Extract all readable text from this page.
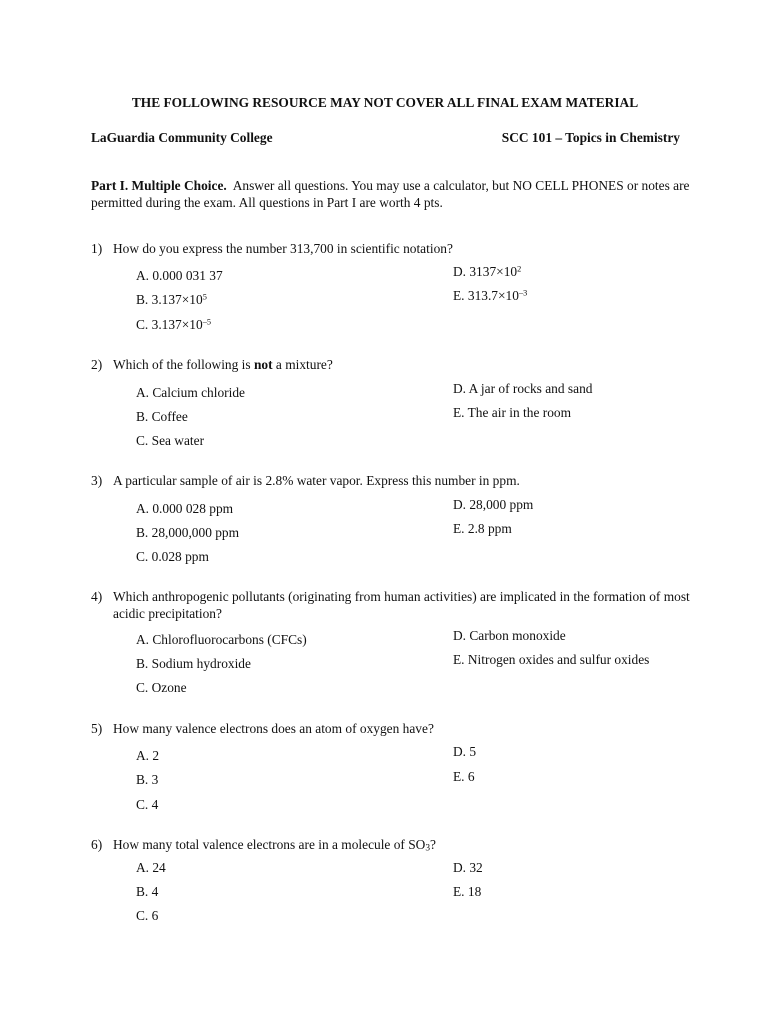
THE FOLLOWING RESOURCE MAY NOT COVER ALL FINAL EXAM MATERIAL
LaGuardia Community College	SCC 101 – Topics in Chemistry
Part I. Multiple Choice. Answer all questions. You may use a calculator, but NO CELL PHONES or notes are permitted during the exam. All questions in Part I are worth 4 pts.
1) How do you express the number 313,700 in scientific notation?
A. 0.000 031 37
B. $3.137\times 10^5$
C. $3.137\times 10^{-5}$
D. $3137\times 10^2$
E. $313.7\times 10^{-3}$
2) Which of the following is not a mixture?
A. Calcium chloride
B. Coffee
C. Sea water
D. A jar of rocks and sand
E. The air in the room
3) A particular sample of air is 2.8% water vapor. Express this number in ppm.
A. 0.000 028 ppm
B. 28,000,000 ppm
C. 0.028 ppm
D. 28,000 ppm
E. 2.8 ppm
4) Which anthropogenic pollutants (originating from human activities) are implicated in the formation of most acidic precipitation?
A. Chlorofluorocarbons (CFCs)
B. Sodium hydroxide
C. Ozone
D. Carbon monoxide
E. Nitrogen oxides and sulfur oxides
5) How many valence electrons does an atom of oxygen have?
A. 2
B. 3
C. 4
D. 5
E. 6
6) How many total valence electrons are in a molecule of $SO_3$?
A. 24
B. 4
C. 6
D. 32
E. 18
